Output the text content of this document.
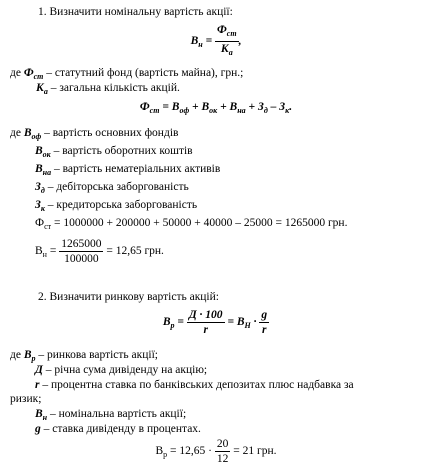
1. Визначити номінальну вартість акції:
$В_н = \frac{Ф_{ст}}{К_а}$ ,
де $Ф_{ст}$ – статутний фонд (вартість майна), грн.;
$К_а$ – загальна кількість акцій.
$Ф_{ст} = В_{оф} + В_{ок} + В_{на} + З_д - З_к$.
де $В_{оф}$ – вартість основних фондів
$В_{ок}$ – вартість оборотних коштів
$В_{на}$ – вартість нематеріальних активів
$З_д$ – дебіторська заборгованість
$З_к$ – кредиторська заборгованість
$Ф_{ст} = 1000000 + 200000 + 50000 + 40000 - 25000 = 1265000$ грн.
$В_н = \frac{1265000}{100000} = 12,65$ грн.
2. Визначити ринкову вартість акцій:
$В_р = \frac{Д \cdot 100}{r} = В_Н \cdot \frac{g}{r}$
де $В_р$ – ринкова вартість акції;
Д – річна сума дивіденду на акцію;
r – процентна ставка по банківських депозитах плюс надбавка за
ризик;
$В_н$ – номінальна вартість акції;
g – ставка дивіденду в процентах.
$В_р = 12,65 \cdot \frac{20}{12} = 21$ грн.
